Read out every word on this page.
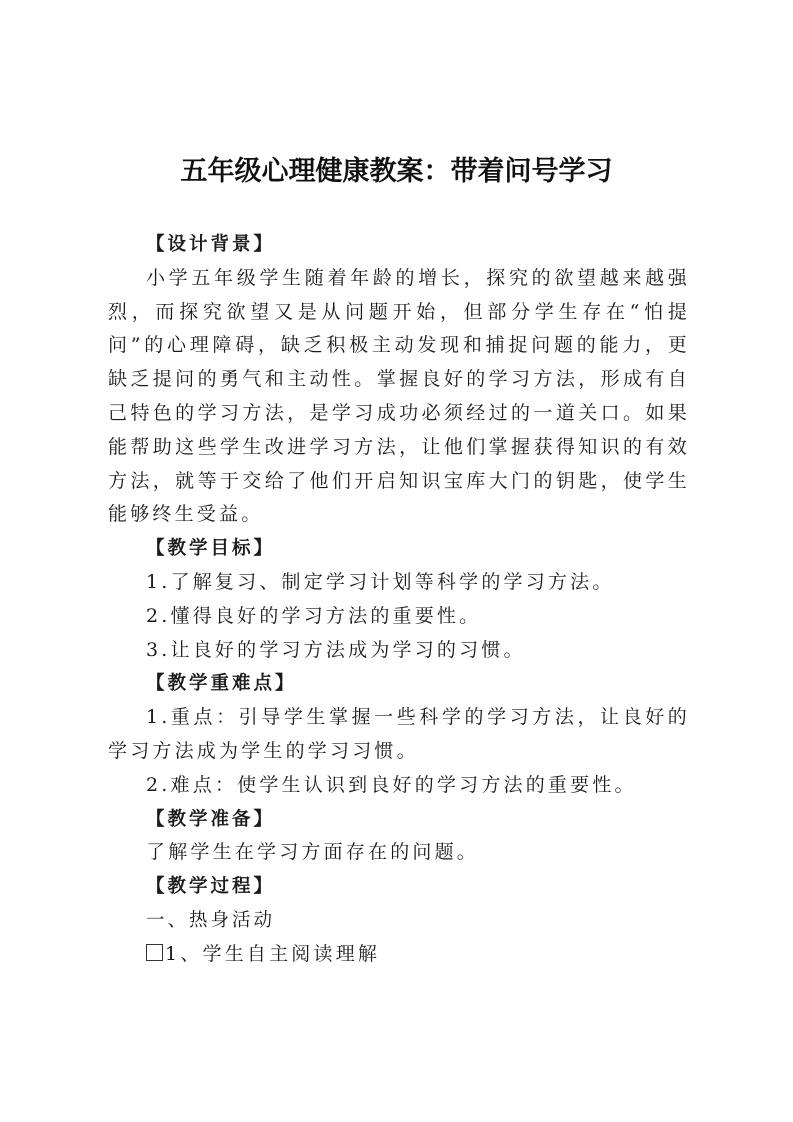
五年级心理健康教案：带着问号学习

【设计背景】

小学五年级学生随着年龄的增长，探究的欲望越来越强烈，而探究欲望又是从问题开始，但部分学生存在“怕提问”的心理障碍，缺乏积极主动发现和捕捉问题的能力，更缺乏提问的勇气和主动性。掌握良好的学习方法，形成有自己特色的学习方法，是学习成功必须经过的一道关口。如果能帮助这些学生改进学习方法，让他们掌握获得知识的有效方法，就等于交给了他们开启知识宝库大门的钥匙，使学生能够终生受益。

【教学目标】

1.了解复习、制定学习计划等科学的学习方法。

2.懂得良好的学习方法的重要性。

3.让良好的学习方法成为学习的习惯。

【教学重难点】

1.重点：引导学生掌握一些科学的学习方法，让良好的学习方法成为学生的学习习惯。

2.难点：使学生认识到良好的学习方法的重要性。

【教学准备】

了解学生在学习方面存在的问题。

【教学过程】

一、热身活动

1、学生自主阅读理解
